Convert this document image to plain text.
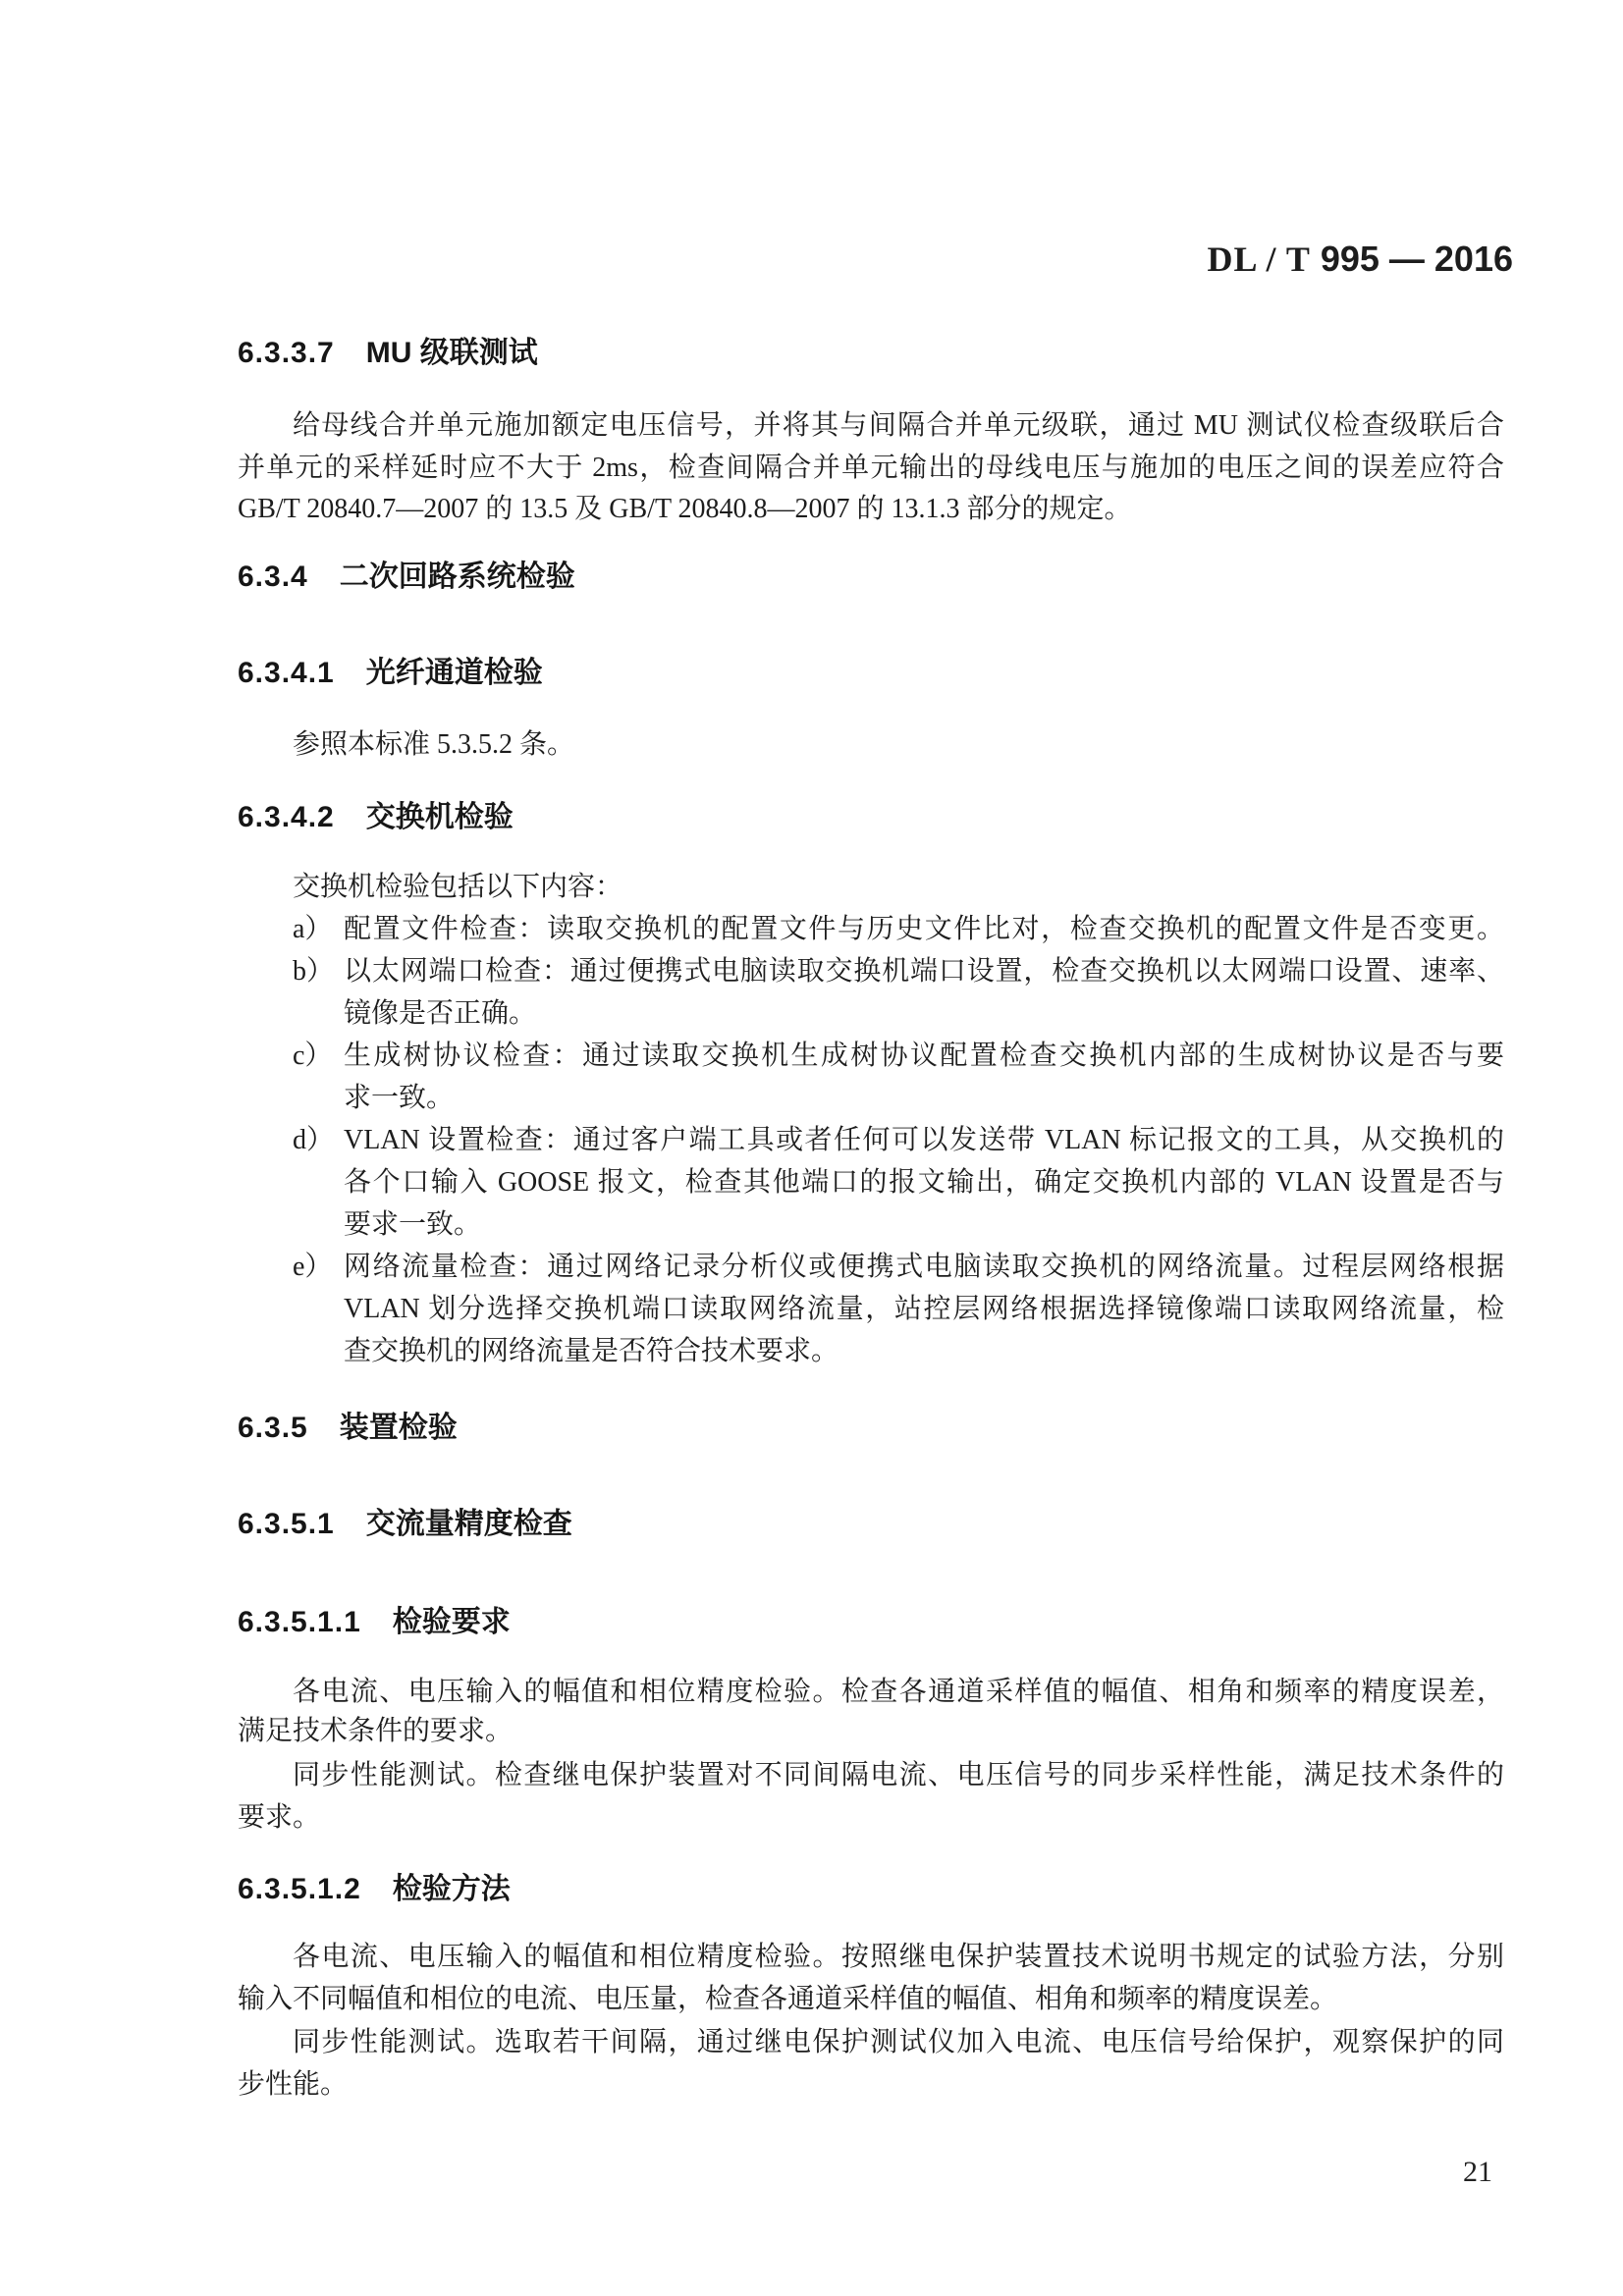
DL / T 995 — 2016
6.3.3.7 MU 级联测试
给母线合并单元施加额定电压信号，并将其与间隔合并单元级联，通过 MU 测试仪检查级联后合
并单元的采样延时应不大于 2ms，检查间隔合并单元输出的母线电压与施加的电压之间的误差应符合
GB/T 20840.7—2007 的 13.5 及 GB/T 20840.8—2007 的 13.1.3 部分的规定。
6.3.4 二次回路系统检验
6.3.4.1 光纤通道检验
参照本标准 5.3.5.2 条。
6.3.4.2 交换机检验
交换机检验包括以下内容：
a） 配置文件检查：读取交换机的配置文件与历史文件比对，检查交换机的配置文件是否变更。
b） 以太网端口检查：通过便携式电脑读取交换机端口设置，检查交换机以太网端口设置、速率、
镜像是否正确。
c） 生成树协议检查：通过读取交换机生成树协议配置检查交换机内部的生成树协议是否与要
求一致。
d） VLAN 设置检查：通过客户端工具或者任何可以发送带 VLAN 标记报文的工具，从交换机的
各个口输入 GOOSE 报文，检查其他端口的报文输出，确定交换机内部的 VLAN 设置是否与
要求一致。
e） 网络流量检查：通过网络记录分析仪或便携式电脑读取交换机的网络流量。过程层网络根据
VLAN 划分选择交换机端口读取网络流量，站控层网络根据选择镜像端口读取网络流量，检
查交换机的网络流量是否符合技术要求。
6.3.5 装置检验
6.3.5.1 交流量精度检查
6.3.5.1.1 检验要求
各电流、电压输入的幅值和相位精度检验。检查各通道采样值的幅值、相角和频率的精度误差，
满足技术条件的要求。
同步性能测试。检查继电保护装置对不同间隔电流、电压信号的同步采样性能，满足技术条件的
要求。
6.3.5.1.2 检验方法
各电流、电压输入的幅值和相位精度检验。按照继电保护装置技术说明书规定的试验方法，分别
输入不同幅值和相位的电流、电压量，检查各通道采样值的幅值、相角和频率的精度误差。
同步性能测试。选取若干间隔，通过继电保护测试仪加入电流、电压信号给保护，观察保护的同
步性能。
21
